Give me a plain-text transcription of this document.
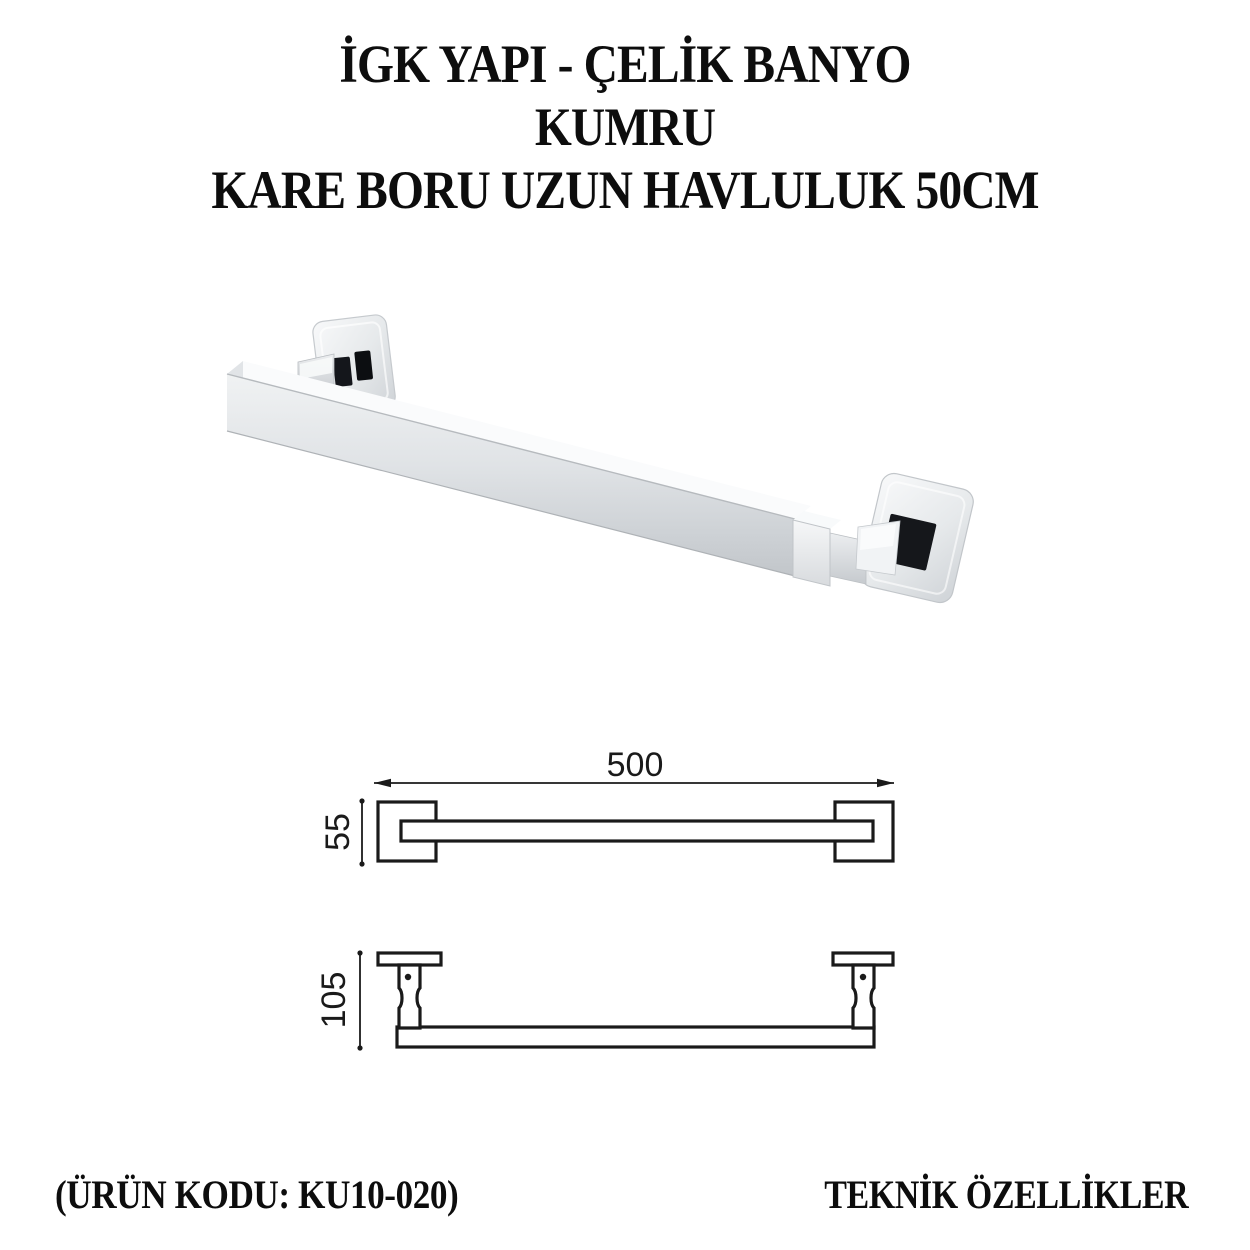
İGK YAPI - ÇELİK BANYO
KUMRU
KARE BORU UZUN HAVLULUK 50CM
500
55
105
(ÜRÜN KODU: KU10-020)	TEKNİK ÖZELLİKLER
